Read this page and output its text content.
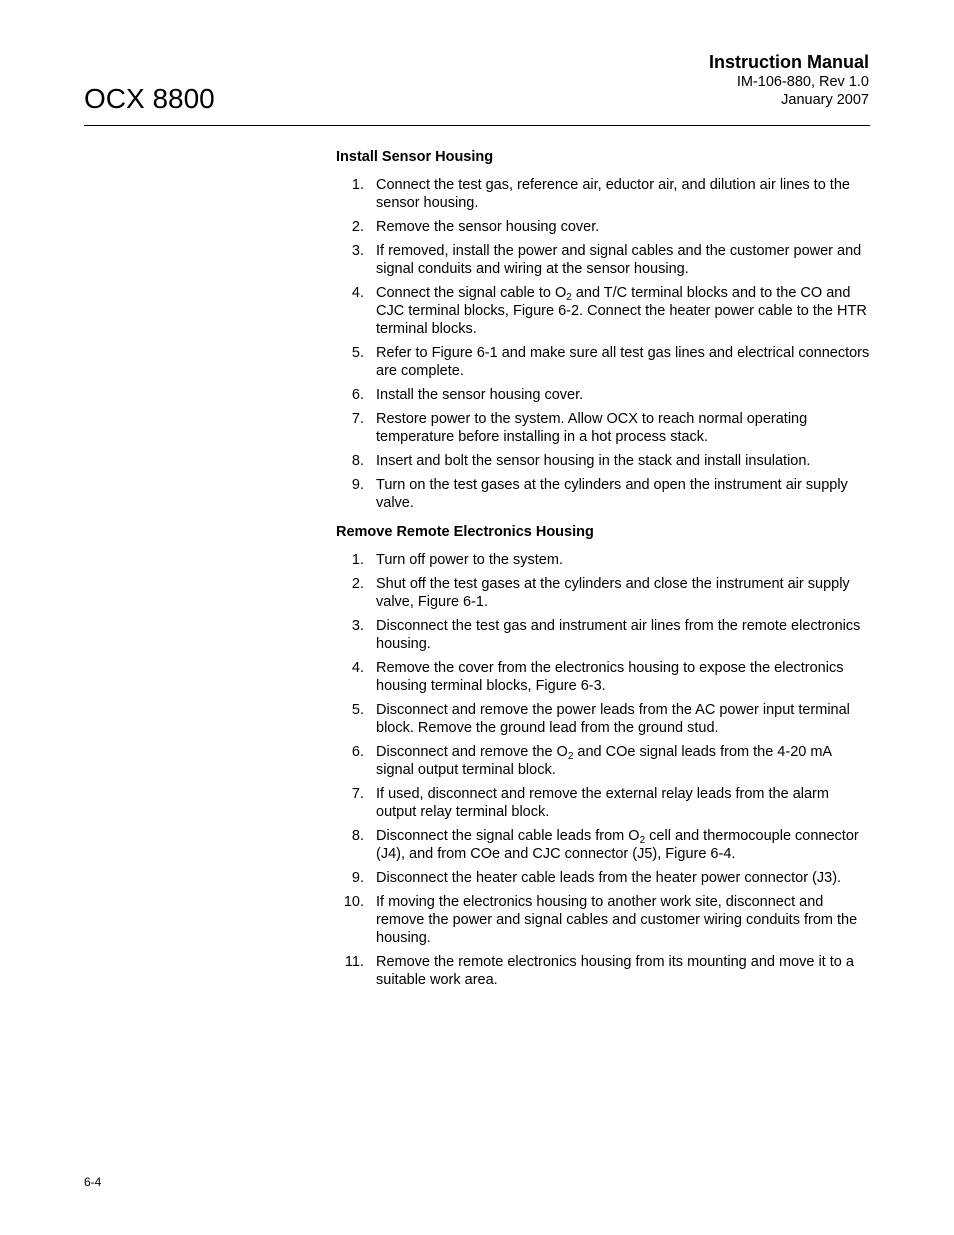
OCX 8800
Instruction Manual
IM-106-880, Rev 1.0
January 2007
Install Sensor Housing
1. Connect the test gas, reference air, eductor air, and dilution air lines to the sensor housing.
2. Remove the sensor housing cover.
3. If removed, install the power and signal cables and the customer power and signal conduits and wiring at the sensor housing.
4. Connect the signal cable to $O_2$ and T/C terminal blocks and to the CO and CJC terminal blocks, Figure 6-2. Connect the heater power cable to the HTR terminal blocks.
5. Refer to Figure 6-1 and make sure all test gas lines and electrical connectors are complete.
6. Install the sensor housing cover.
7. Restore power to the system. Allow OCX to reach normal operating temperature before installing in a hot process stack.
8. Insert and bolt the sensor housing in the stack and install insulation.
9. Turn on the test gases at the cylinders and open the instrument air supply valve.
Remove Remote Electronics Housing
1. Turn off power to the system.
2. Shut off the test gases at the cylinders and close the instrument air supply valve, Figure 6-1.
3. Disconnect the test gas and instrument air lines from the remote electronics housing.
4. Remove the cover from the electronics housing to expose the electronics housing terminal blocks, Figure 6-3.
5. Disconnect and remove the power leads from the AC power input terminal block. Remove the ground lead from the ground stud.
6. Disconnect and remove the $O_2$ and COe signal leads from the 4-20 mA signal output terminal block.
7. If used, disconnect and remove the external relay leads from the alarm output relay terminal block.
8. Disconnect the signal cable leads from $O_2$ cell and thermocouple connector (J4), and from COe and CJC connector (J5), Figure 6-4.
9. Disconnect the heater cable leads from the heater power connector (J3).
10. If moving the electronics housing to another work site, disconnect and remove the power and signal cables and customer wiring conduits from the housing.
11. Remove the remote electronics housing from its mounting and move it to a suitable work area.
6-4
